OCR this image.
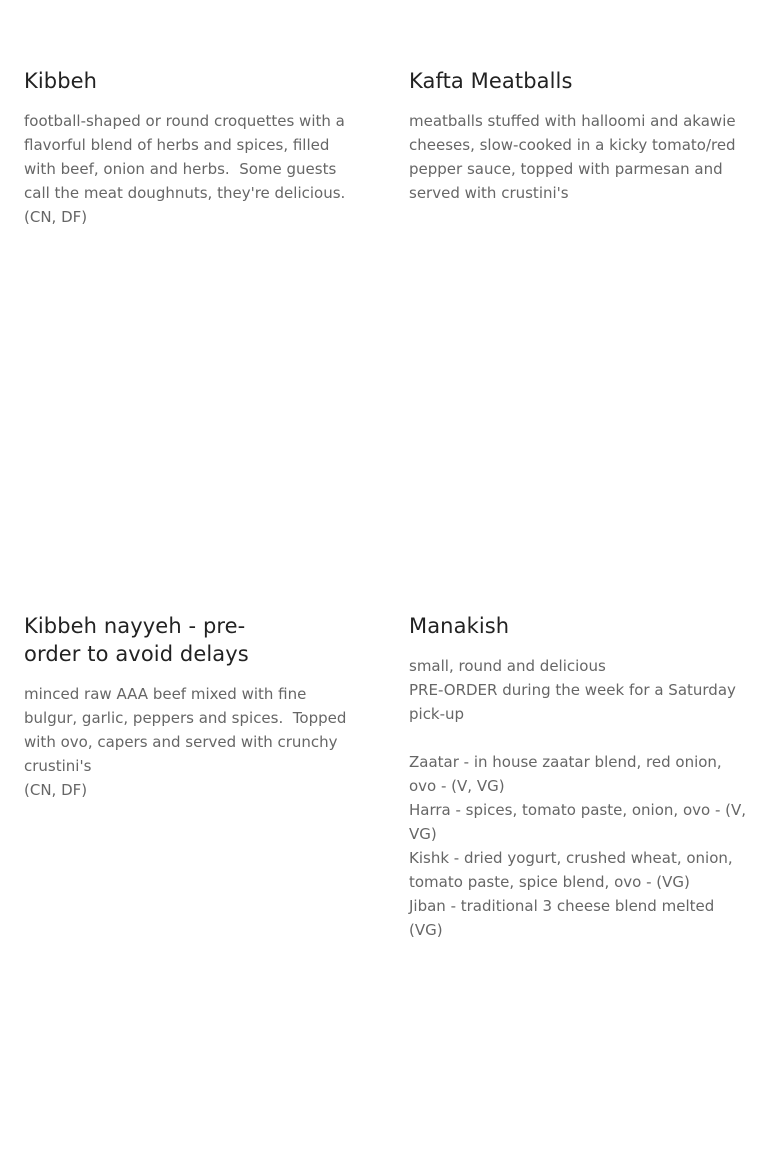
Kibbeh

football-shaped or round croquettes with a flavorful blend of herbs and spices, filled with beef, onion and herbs.  Some guests call the meat doughnuts, they're delicious.
(CN, DF)

Kafta Meatballs

meatballs stuffed with halloomi and akawie cheeses, slow-cooked in a kicky tomato/red pepper sauce, topped with parmesan and served with crustini's

Kibbeh nayyeh - pre-order to avoid delays

minced raw AAA beef mixed with fine bulgur, garlic, peppers and spices.  Topped with ovo, capers and served with crunchy crustini's
(CN, DF)

Manakish

small, round and delicious
PRE-ORDER during the week for a Saturday pick-up
Zaatar - in house zaatar blend, red onion, ovo - (V, VG)
Harra - spices, tomato paste, onion, ovo - (V, VG)
Kishk - dried yogurt, crushed wheat, onion, tomato paste, spice blend, ovo - (VG)
Jiban - traditional 3 cheese blend melted (VG)
